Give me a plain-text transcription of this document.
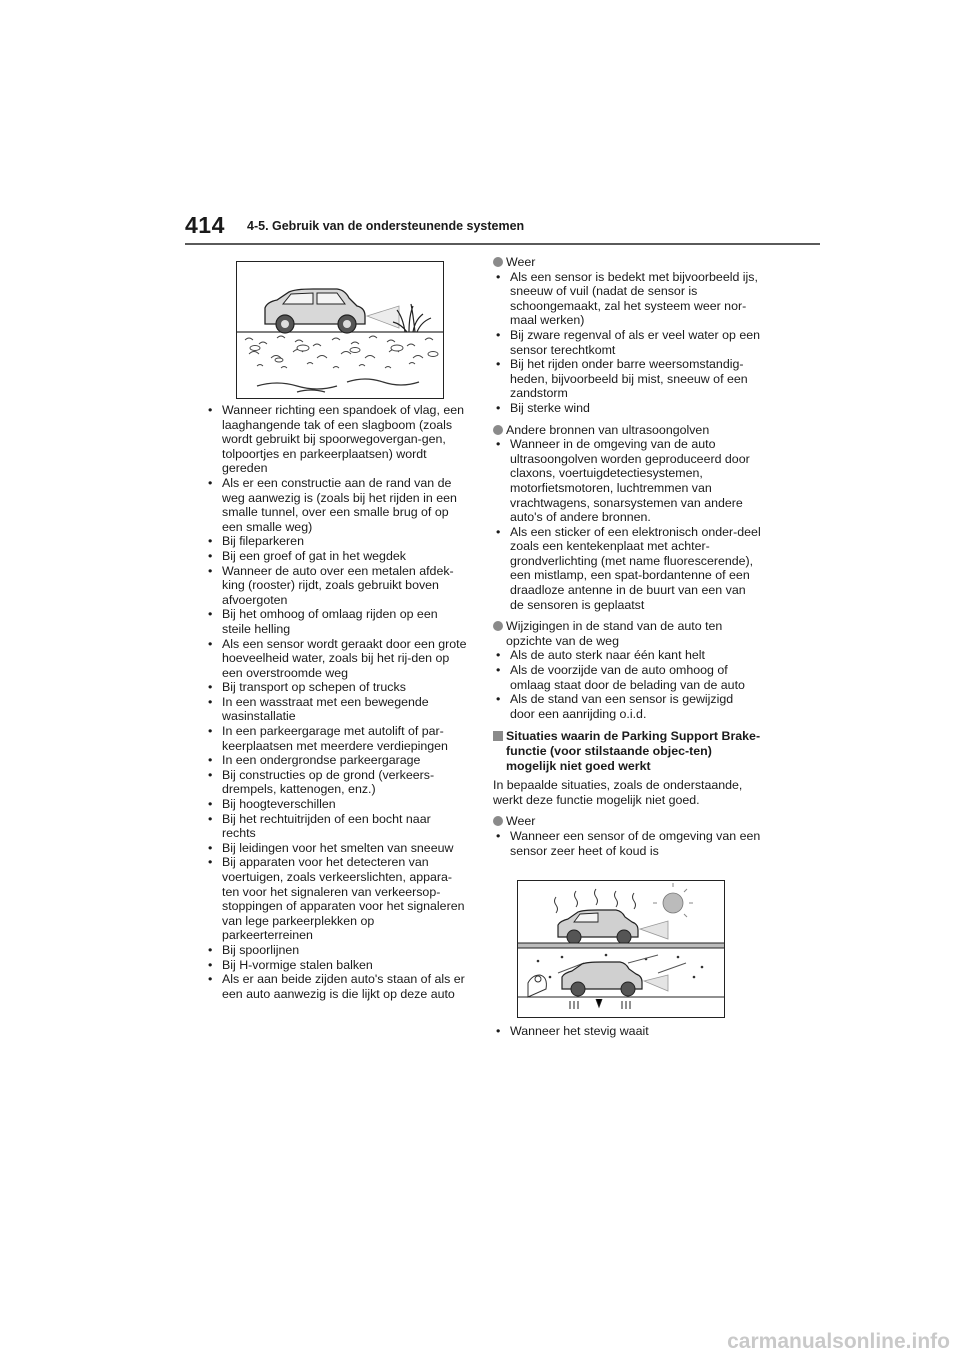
414 4-5. Gebruik van de ondersteunende systemen
• Wanneer richting een spandoek of vlag, een laaghangende tak of een slagboom (zoals wordt gebruikt bij spoorwegovergan-gen, tolpoortjes en parkeerplaatsen) wordt gereden
• Als er een constructie aan de rand van de weg aanwezig is (zoals bij het rijden in een smalle tunnel, over een smalle brug of op een smalle weg)
• Bij fileparkeren
• Bij een groef of gat in het wegdek
• Wanneer de auto over een metalen afdek-king (rooster) rijdt, zoals gebruikt boven afvoergoten
• Bij het omhoog of omlaag rijden op een steile helling
• Als een sensor wordt geraakt door een grote hoeveelheid water, zoals bij het rij-den op een overstroomde weg
• Bij transport op schepen of trucks
• In een wasstraat met een bewegende wasinstallatie
• In een parkeergarage met autolift of par-keerplaatsen met meerdere verdiepingen
• In een ondergrondse parkeergarage
• Bij constructies op de grond (verkeers-drempels, kattenogen, enz.)
• Bij hoogteverschillen
• Bij het rechtuitrijden of een bocht naar rechts
• Bij leidingen voor het smelten van sneeuw
• Bij apparaten voor het detecteren van voertuigen, zoals verkeerslichten, appara-ten voor het signaleren van verkeersop-stoppingen of apparaten voor het signaleren van lege parkeerplekken op parkeerterreinen
• Bij spoorlijnen
• Bij H-vormige stalen balken
• Als er aan beide zijden auto's staan of als er een auto aanwezig is die lijkt op deze auto
Weer
• Als een sensor is bedekt met bijvoorbeeld ijs, sneeuw of vuil (nadat de sensor is schoongemaakt, zal het systeem weer nor-maal werken)
• Bij zware regenval of als er veel water op een sensor terechtkomt
• Bij het rijden onder barre weersomstandig-heden, bijvoorbeeld bij mist, sneeuw of een zandstorm
• Bij sterke wind
Andere bronnen van ultrasoongolven
• Wanneer in de omgeving van de auto ultrasoongolven worden geproduceerd door claxons, voertuigdetectiesystemen, motorfietsmotoren, luchtremmen van vrachtwagens, sonarsystemen van andere auto's of andere bronnen.
• Als een sticker of een elektronisch onder-deel zoals een kentekenplaat met achter-grondverlichting (met name fluorescerende), een mistlamp, een spat-bordantenne of een draadloze antenne in de buurt van een van de sensoren is geplaatst
Wijzigingen in de stand van de auto ten opzichte van de weg
• Als de auto sterk naar één kant helt
• Als de voorzijde van de auto omhoog of omlaag staat door de belading van de auto
• Als de stand van een sensor is gewijzigd door een aanrijding o.i.d.
Situaties waarin de Parking Support Brake-functie (voor stilstaande objec-ten) mogelijk niet goed werkt
In bepaalde situaties, zoals de onderstaande, werkt deze functie mogelijk niet goed.
Weer
• Wanneer een sensor of de omgeving van een sensor zeer heet of koud is
• Wanneer het stevig waait
carmanualsonline.info
